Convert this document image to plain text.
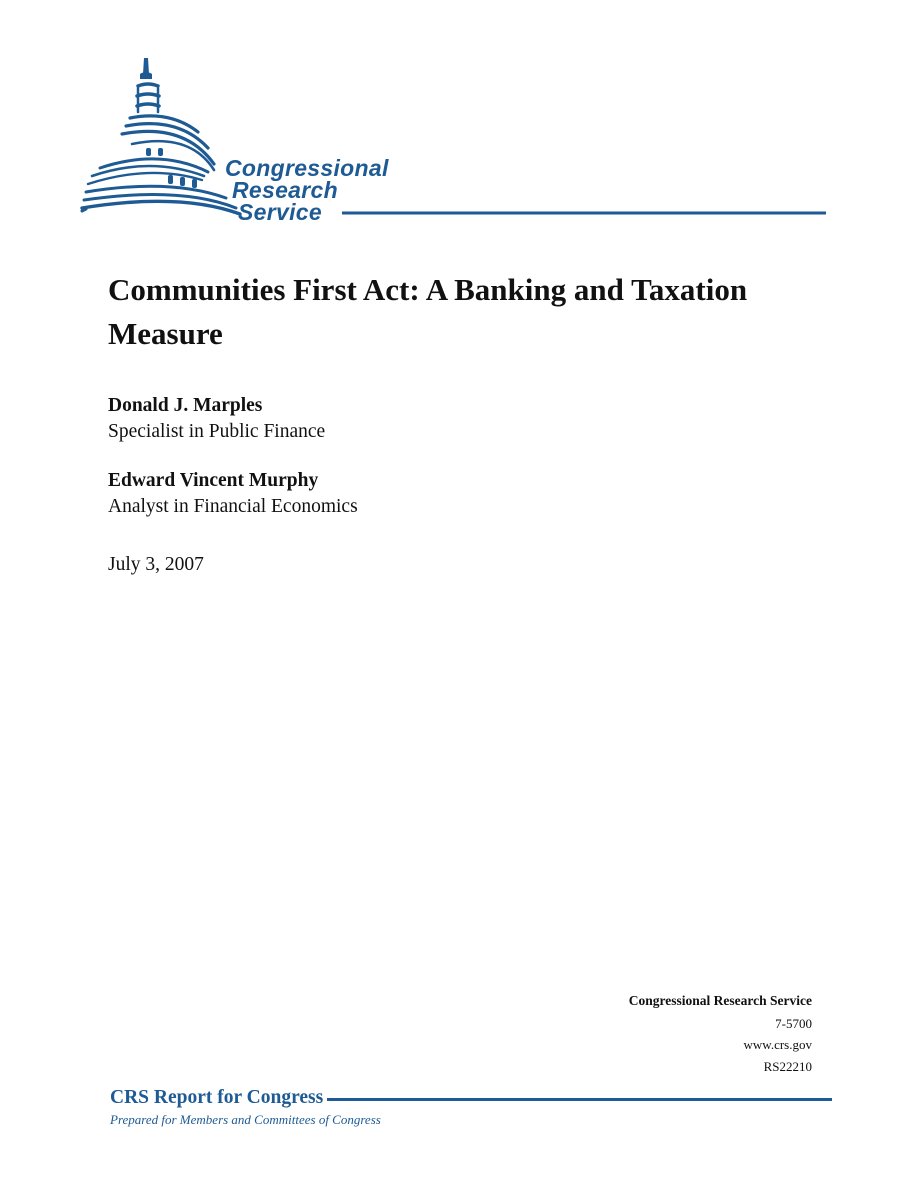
Congressional
Research
Service
Communities First Act: A Banking and Taxation Measure
Donald J. Marples
Specialist in Public Finance
Edward Vincent Murphy
Analyst in Financial Economics
July 3, 2007
Congressional Research Service
7-5700
www.crs.gov
RS22210
CRS Report for Congress
Prepared for Members and Committees of Congress
